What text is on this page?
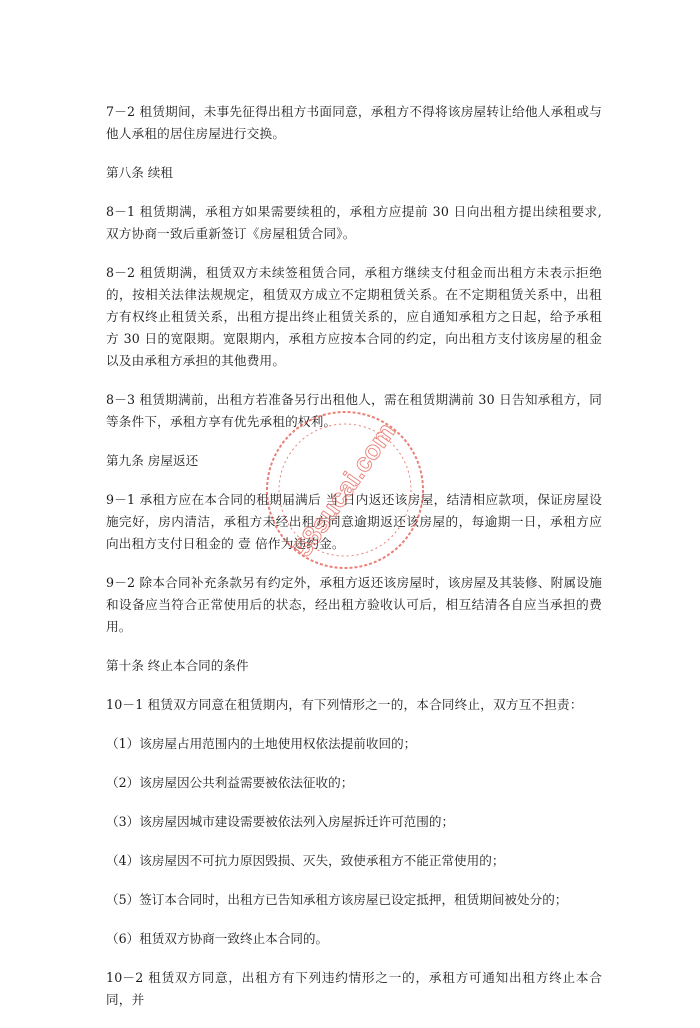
7－2 租赁期间，未事先征得出租方书面同意，承租方不得将该房屋转让给他人承租或与他人承租的居住房屋进行交换。

第八条 续租

8－1 租赁期满，承租方如果需要续租的，承租方应提前 30 日向出租方提出续租要求,双方协商一致后重新签订《房屋租赁合同》。

8－2 租赁期满，租赁双方未续签租赁合同，承租方继续支付租金而出租方未表示拒绝的，按相关法律法规规定，租赁双方成立不定期租赁关系。在不定期租赁关系中，出租方有权终止租赁关系，出租方提出终止租赁关系的，应自通知承租方之日起，给予承租方 30 日的宽限期。宽限期内，承租方应按本合同的约定，向出租方支付该房屋的租金以及由承租方承担的其他费用。

8－3 租赁期满前，出租方若准备另行出租他人，需在租赁期满前 30 日告知承租方，同等条件下，承租方享有优先承租的权利。

第九条 房屋返还

9－1 承租方应在本合同的租期届满后 当 日内返还该房屋，结清相应款项，保证房屋设施完好，房内清洁，承租方未经出租方同意逾期返还该房屋的，每逾期一日，承租方应向出租方支付日租金的 壹 倍作为违约金。

9－2 除本合同补充条款另有约定外，承租方返还该房屋时，该房屋及其装修、附属设施和设备应当符合正常使用后的状态，经出租方验收认可后，相互结清各自应当承担的费用。

第十条 终止本合同的条件

10－1 租赁双方同意在租赁期内，有下列情形之一的，本合同终止，双方互不担责：

（1）该房屋占用范围内的土地使用权依法提前收回的；

（2）该房屋因公共利益需要被依法征收的；

（3）该房屋因城市建设需要被依法列入房屋拆迁许可范围的；

（4）该房屋因不可抗力原因毁损、灭失，致使承租方不能正常使用的；

（5）签订本合同时，出租方已告知承租方该房屋已设定抵押，租赁期间被处分的；

（6）租赁双方协商一致终止本合同的。

10－2 租赁双方同意，出租方有下列违约情形之一的，承租方可通知出租方终止本合同，并

58sucai.com
